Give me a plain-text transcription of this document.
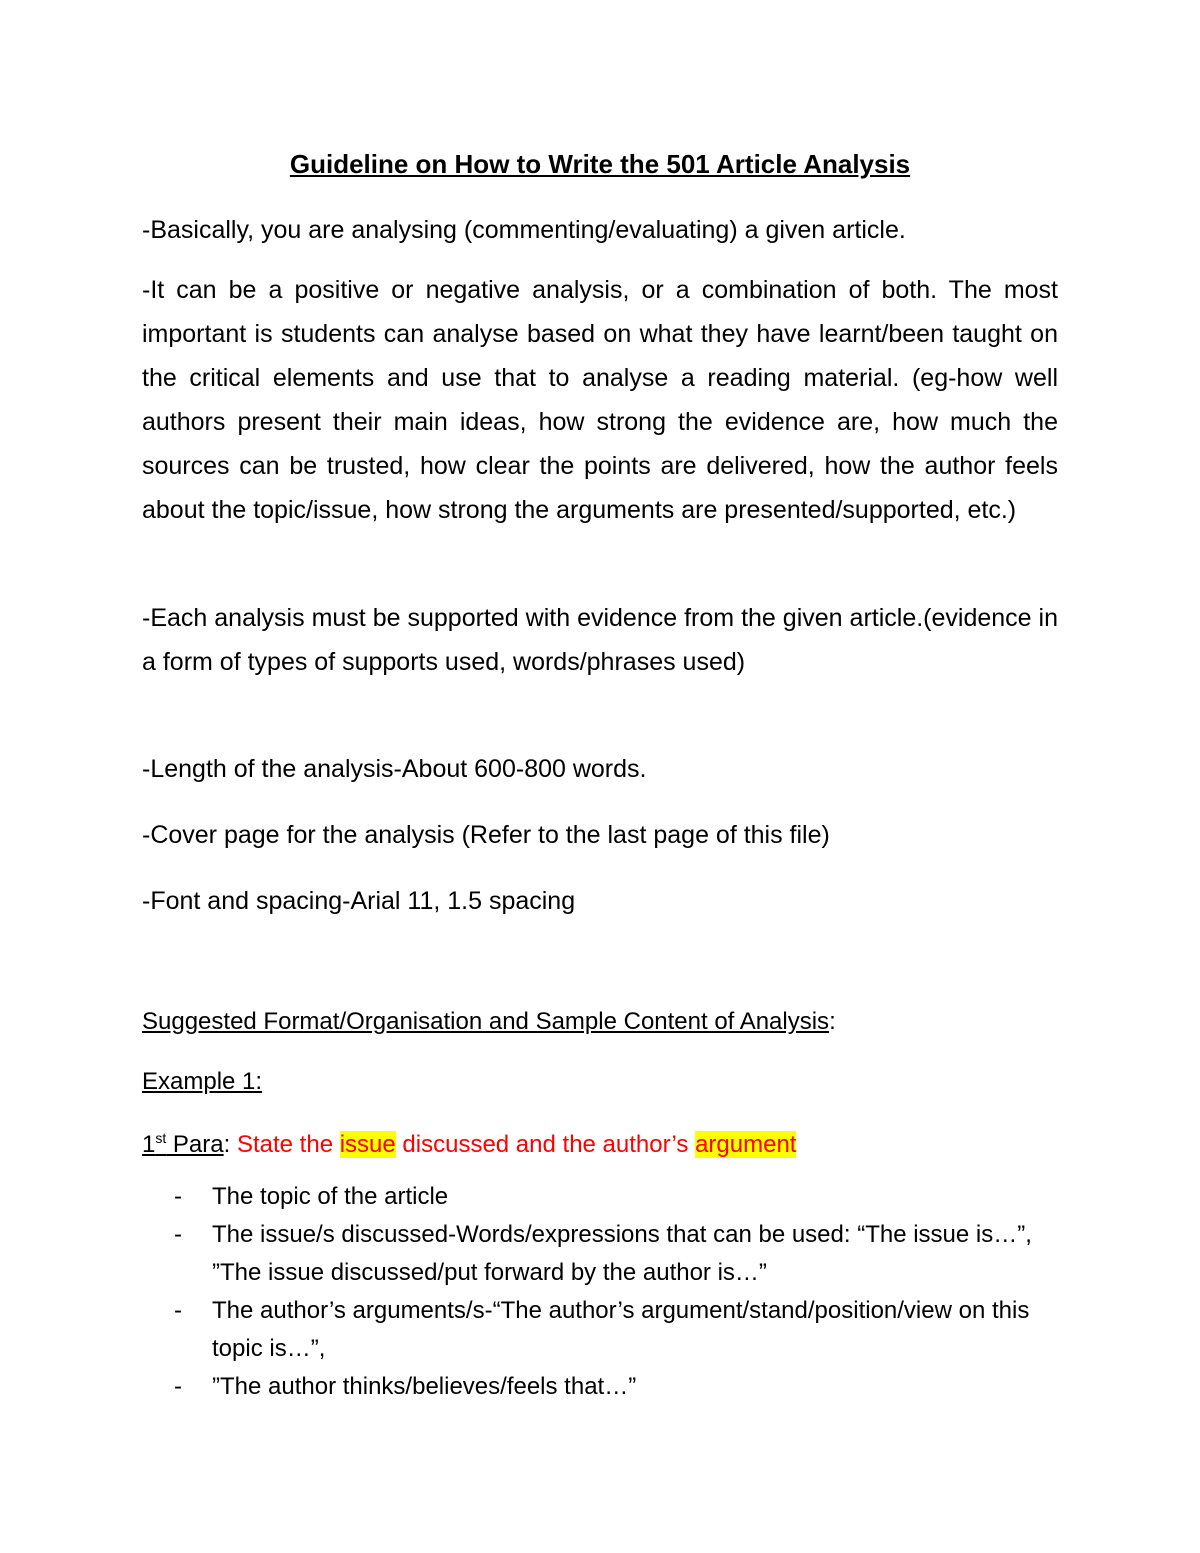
Guideline on How to Write the 501 Article Analysis
-Basically, you are analysing (commenting/evaluating) a given article.
-It can be a positive or negative analysis, or a combination of both. The most important is students can analyse based on what they have learnt/been taught on the critical elements and use that to analyse a reading material. (eg-how well authors present their main ideas, how strong the evidence are, how much the sources can be trusted, how clear the points are delivered, how the author feels about the topic/issue, how strong the arguments are presented/supported, etc.)
-Each analysis must be supported with evidence from the given article.(evidence in a form of types of supports used, words/phrases used)
-Length of the analysis-About 600-800 words.
-Cover page for the analysis (Refer to the last page of this file)
-Font and spacing-Arial 11, 1.5 spacing
Suggested Format/Organisation and Sample Content of Analysis:
Example 1:
1st Para: State the issue discussed and the author’s argument
- The topic of the article
- The issue/s discussed-Words/expressions that can be used: “The issue is…”, ”The issue discussed/put forward by the author is…”
- The author’s arguments/s-“The author’s argument/stand/position/view on this topic is…”,
- ”The author thinks/believes/feels that…”
